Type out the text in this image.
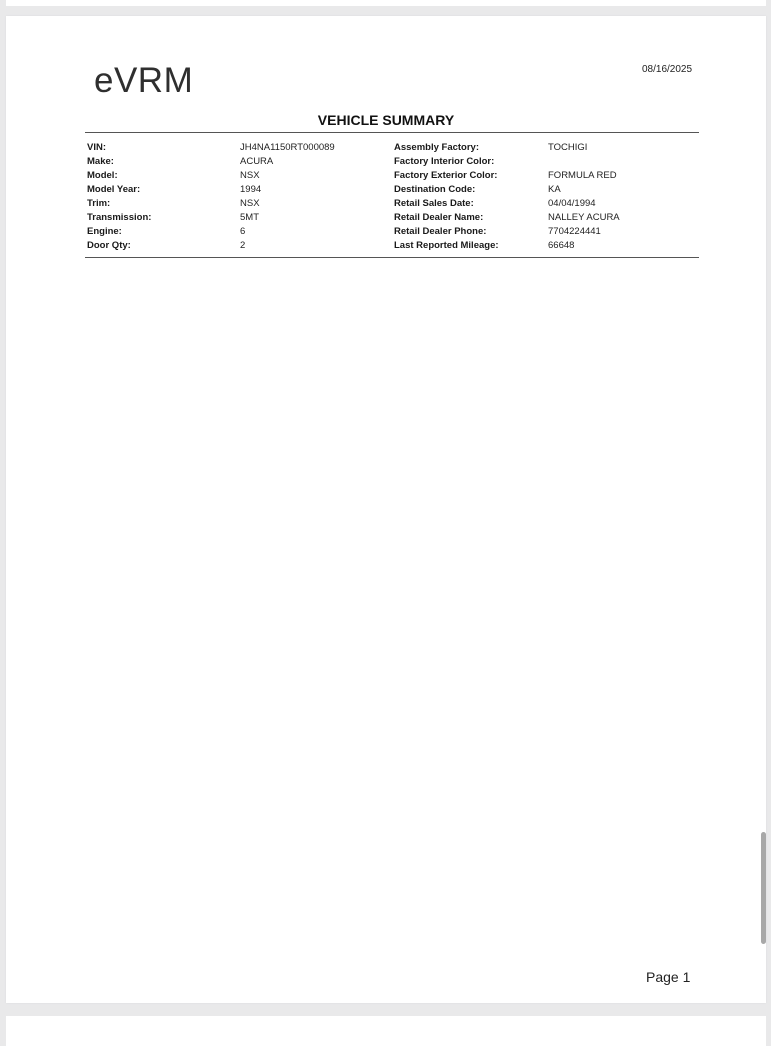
eVRM	08/16/2025
VEHICLE SUMMARY
VIN:	JH4NA1150RT000089
Make:	ACURA
Model:	NSX
Model Year:	1994
Trim:	NSX
Transmission:	5MT
Engine:	6
Door Qty:	2
Assembly Factory:	TOCHIGI
Factory Interior Color:
Factory Exterior Color:	FORMULA RED
Destination Code:	KA
Retail Sales Date:	04/04/1994
Retail Dealer Name:	NALLEY ACURA
Retail Dealer Phone:	7704224441
Last Reported Mileage:	66648
Page 1
